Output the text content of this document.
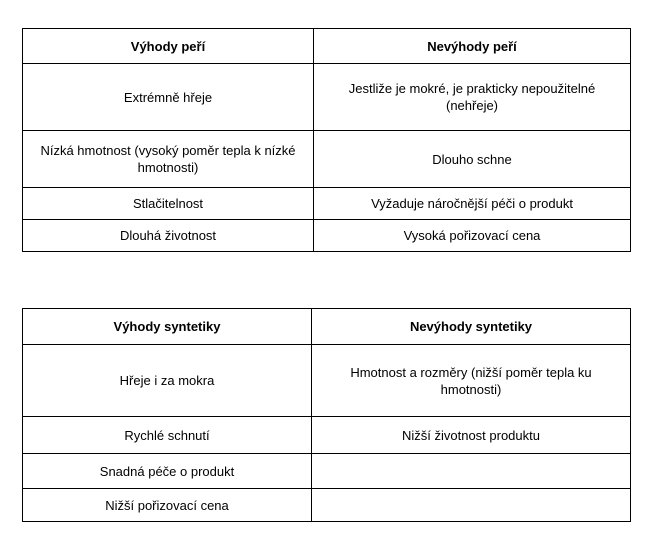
Výhody peří	Nevýhody peří
Extrémně hřeje	Jestliže je mokré, je prakticky nepoužitelné (nehřeje)
Nízká hmotnost (vysoký poměr tepla k nízké hmotnosti)	Dlouho schne
Stlačitelnost	Vyžaduje náročnější péči o produkt
Dlouhá životnost	Vysoká pořizovací cena
Výhody syntetiky	Nevýhody syntetiky
Hřeje i za mokra	Hmotnost a rozměry (nižší poměr tepla ku hmotnosti)
Rychlé schnutí	Nižší životnost produktu
Snadná péče o produkt	
Nižší pořizovací cena	
